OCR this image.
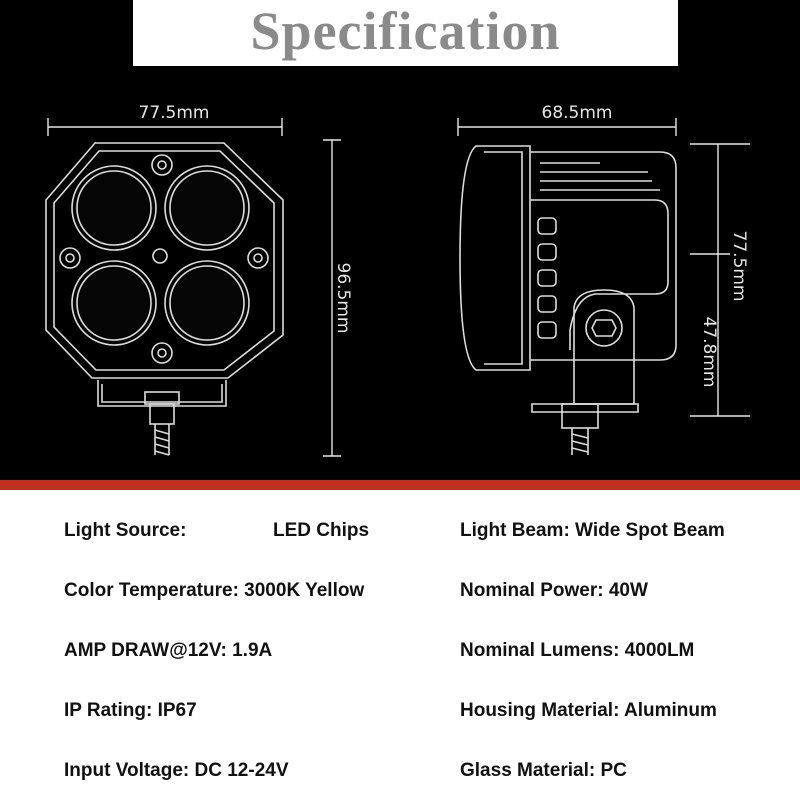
77.5mm
96.5mm
68.5mm
77.5mm
47.8mm
Specification
Light Source:	LED Chips	Light Beam: Wide Spot Beam
Color Temperature: 3000K Yellow	Nominal Power: 40W
AMP DRAW@12V: 1.9A	Nominal Lumens: 4000LM
IP Rating: IP67	Housing Material: Aluminum
Input Voltage: DC 12-24V	Glass Material: PC
